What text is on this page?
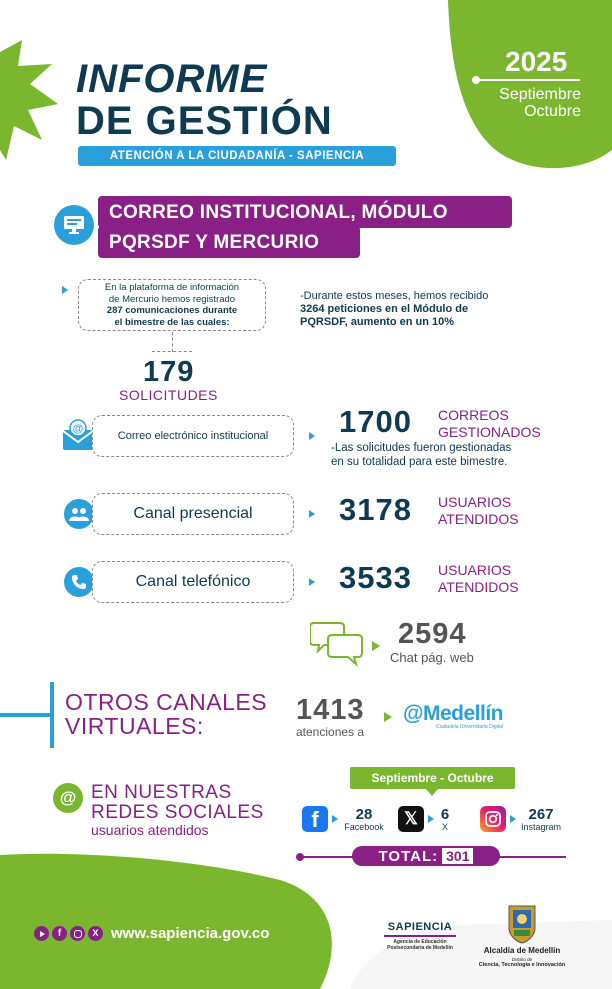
INFORME
DE GESTIÓN
ATENCIÓN A LA CIUDADANÍA - SAPIENCIA
2025
Septiembre
Octubre
CORREO INSTITUCIONAL, MÓDULO
PQRSDF Y MERCURIO
En la plataforma de información
de Mercurio hemos registrado
287 comunicaciones durante
el bimestre de las cuales:
-Durante estos meses, hemos recibido
3264 peticiones en el Módulo de
PQRSDF, aumento en un 10%
179
SOLICITUDES
@
Correo electrónico institucional 1700 CORREOS
GESTIONADOS
-Las solicitudes fueron gestionadas
en su totalidad para este bimestre.
Canal presencial	3178 USUARIOS
ATENDIDOS
Canal telefónico	3533 USUARIOS
ATENDIDOS
2594
Chat pág. web
OTROS CANALES
VIRTUALES:	1413
atenciones a
@Medellín
Ciudadela Universitaria Digital
@ EN NUESTRAS
REDES SOCIALES
usuarios atendidos
Septiembre - Octubre
f	28
Facebook	𝕏	6
X
267
Instagram
TOTAL: 301
f	X www.sapiencia.gov.co	SAPIENCIA
Agencia de Educación
Postsecundaria de Medellín	Alcaldía de Medellín
Distrito de
Ciencia, Tecnología e Innovación
